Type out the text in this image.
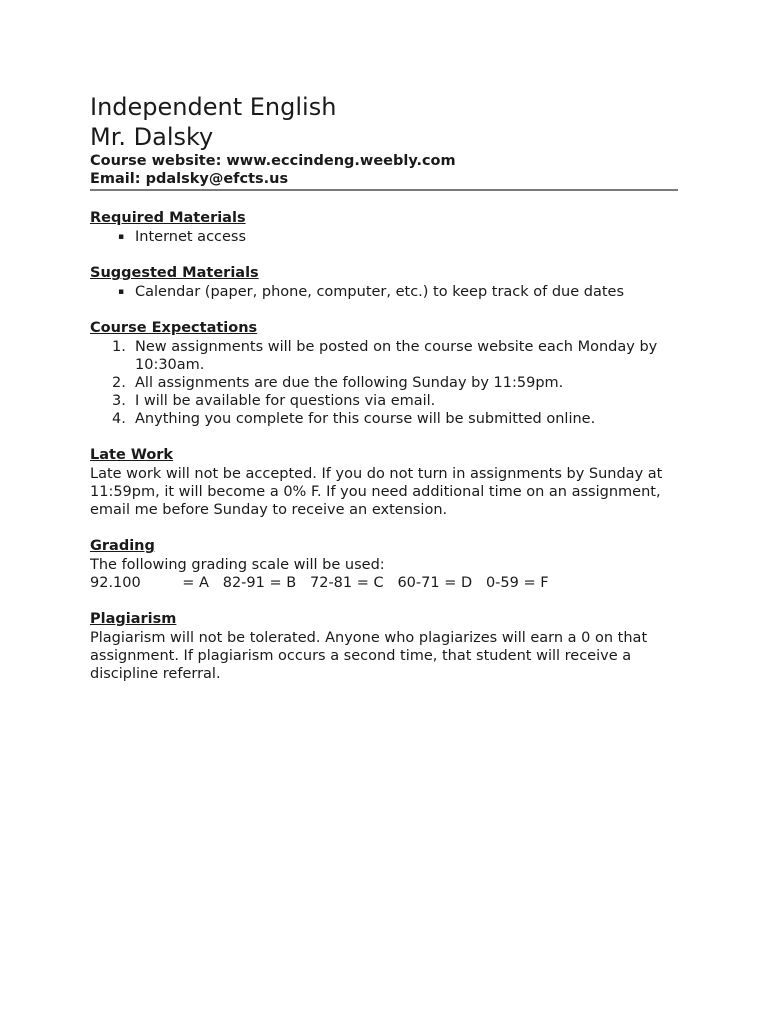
Independent English
Mr. Dalsky
Course website: www.eccindeng.weebly.com
Email: pdalsky@efcts.us
Required Materials
▪ Internet access
Suggested Materials
▪ Calendar (paper, phone, computer, etc.) to keep track of due dates
Course Expectations
1. New assignments will be posted on the course website each Monday by 10:30am.
2. All assignments are due the following Sunday by 11:59pm.
3. I will be available for questions via email.
4. Anything you complete for this course will be submitted online.
Late Work

Late work will not be accepted. If you do not turn in assignments by Sunday at 11:59pm, it will become a 0% F. If you need additional time on an assignment, email me before Sunday to receive an extension.

Grading
The following grading scale will be used:
92.100         = A   82-91 = B   72-81 = C   60-71 = D   0-59 = F
Plagiarism

Plagiarism will not be tolerated. Anyone who plagiarizes will earn a 0 on that assignment. If plagiarism occurs a second time, that student will receive a discipline referral.
